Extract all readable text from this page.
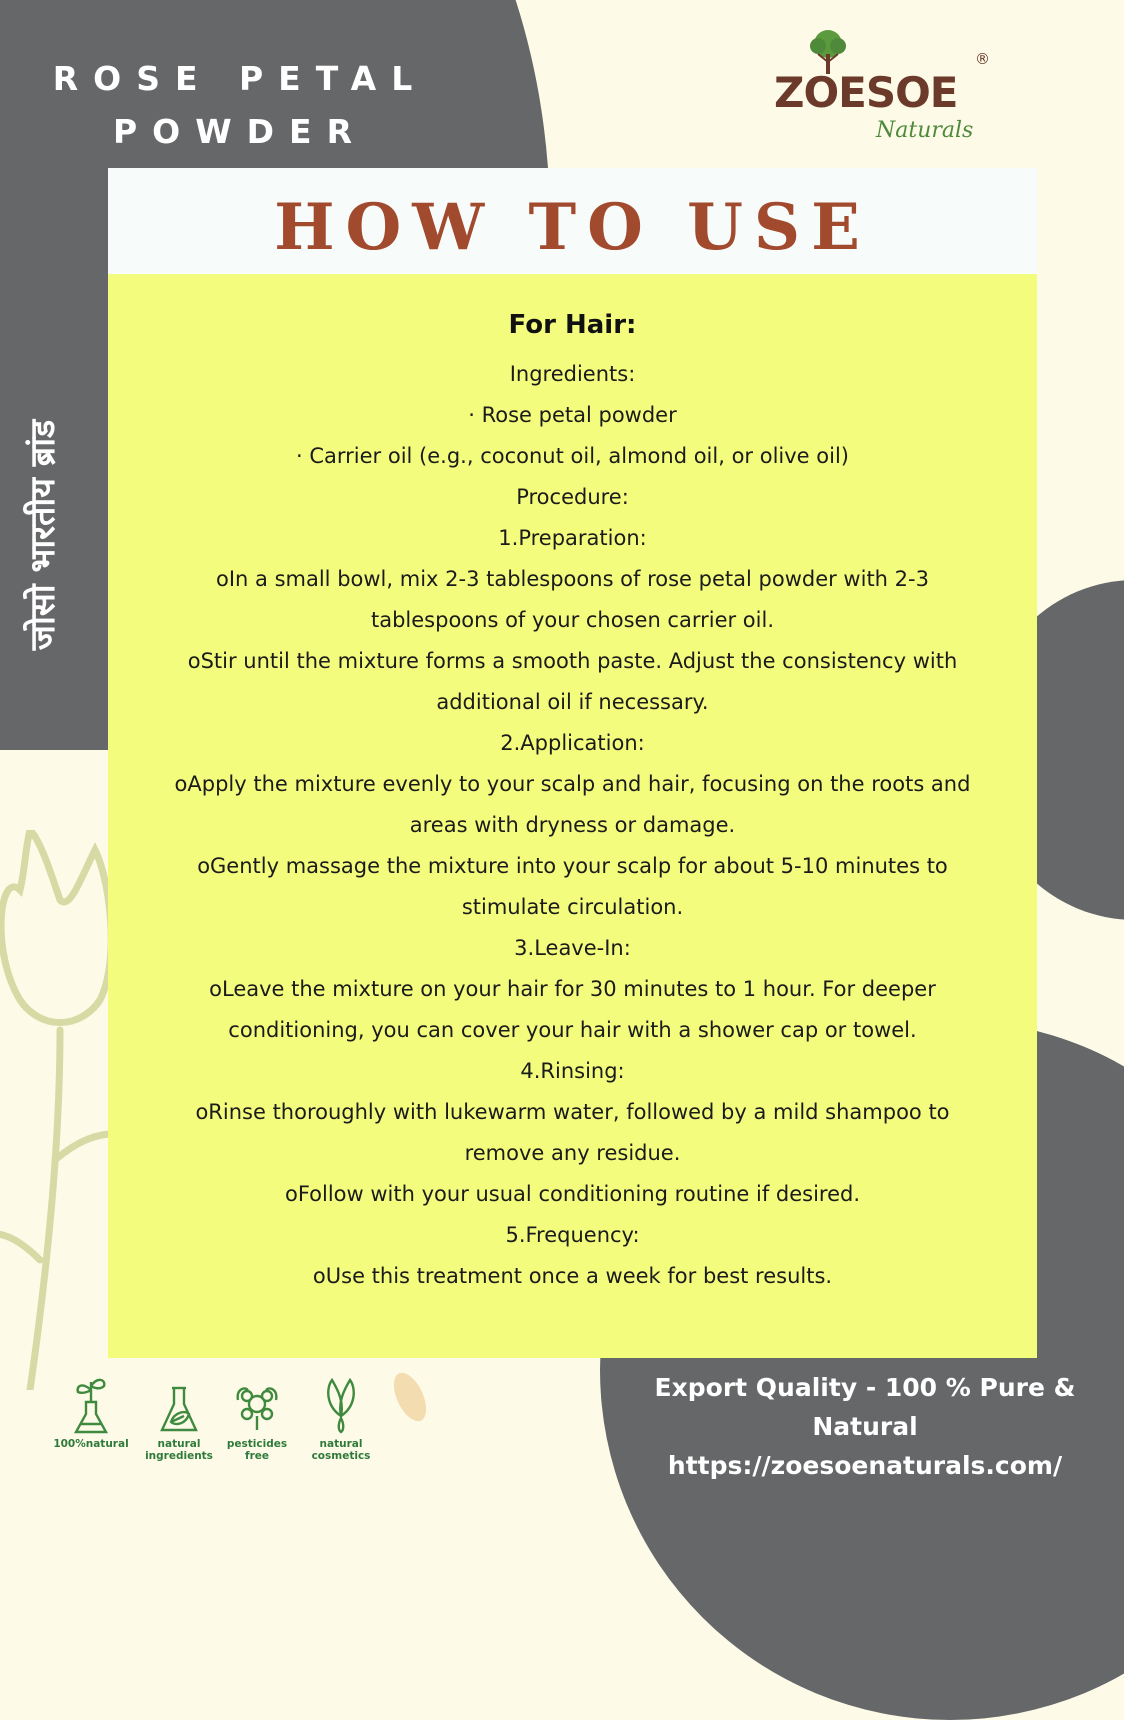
ROSE PETAL
POWDER
जोसो भारतीय ब्रांड
ZOESOE
®
Naturals
HOW TO USE
For Hair:
Ingredients:
· Rose petal powder
· Carrier oil (e.g., coconut oil, almond oil, or olive oil)
Procedure:
1.Preparation:
oIn a small bowl, mix 2-3 tablespoons of rose petal powder with 2-3
tablespoons of your chosen carrier oil.
oStir until the mixture forms a smooth paste. Adjust the consistency with
additional oil if necessary.
2.Application:
oApply the mixture evenly to your scalp and hair, focusing on the roots and
areas with dryness or damage.
oGently massage the mixture into your scalp for about 5-10 minutes to
stimulate circulation.
3.Leave-In:
oLeave the mixture on your hair for 30 minutes to 1 hour. For deeper
conditioning, you can cover your hair with a shower cap or towel.
4.Rinsing:
oRinse thoroughly with lukewarm water, followed by a mild shampoo to
remove any residue.
oFollow with your usual conditioning routine if desired.
5.Frequency:
oUse this treatment once a week for best results.
100%natural	natural ingredients
pesticides free
natural cosmetics
Export Quality - 100 % Pure &
Natural
https://zoesoenaturals.com/
